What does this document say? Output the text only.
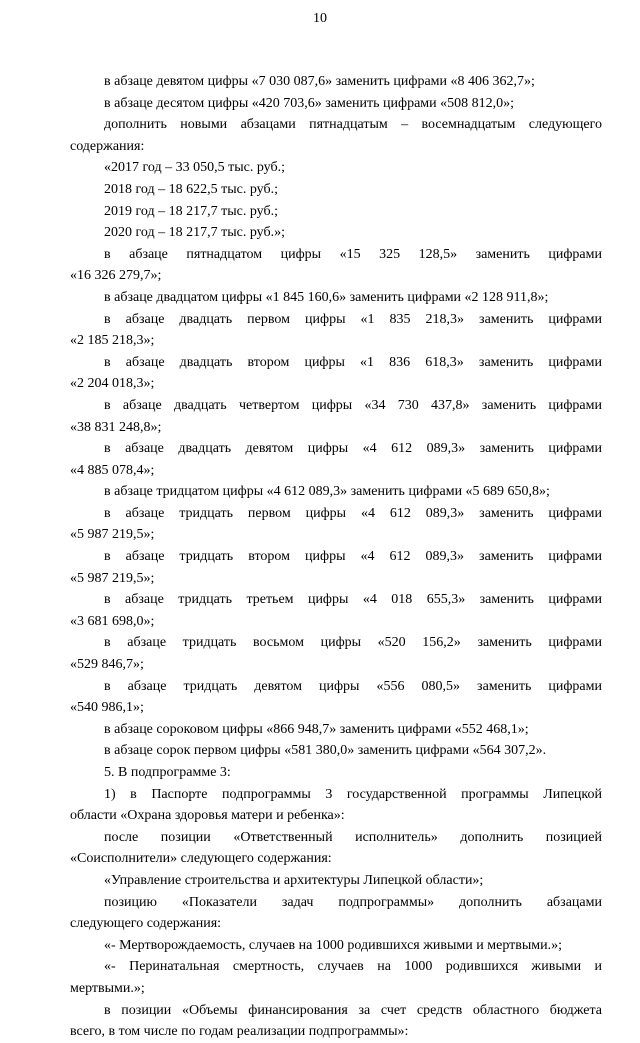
10
в абзаце девятом цифры «7 030 087,6» заменить цифрами «8 406 362,7»;
в абзаце десятом цифры «420 703,6» заменить цифрами «508 812,0»;
дополнить новыми абзацами пятнадцатым – восемнадцатым следующего
содержания:
«2017 год – 33 050,5 тыс. руб.;
2018 год – 18 622,5 тыс. руб.;
2019 год – 18 217,7 тыс. руб.;
2020 год – 18 217,7 тыс. руб.»;
в абзаце пятнадцатом цифры «15 325 128,5» заменить цифрами
«16 326 279,7»;
в абзаце двадцатом цифры «1 845 160,6» заменить цифрами «2 128 911,8»;
в абзаце двадцать первом цифры «1 835 218,3» заменить цифрами
«2 185 218,3»;
в абзаце двадцать втором цифры «1 836 618,3» заменить цифрами
«2 204 018,3»;
в абзаце двадцать четвертом цифры «34 730 437,8» заменить цифрами
«38 831 248,8»;
в абзаце двадцать девятом цифры «4 612 089,3» заменить цифрами
«4 885 078,4»;
в абзаце тридцатом цифры «4 612 089,3» заменить цифрами «5 689 650,8»;
в абзаце тридцать первом цифры «4 612 089,3» заменить цифрами
«5 987 219,5»;
в абзаце тридцать втором цифры «4 612 089,3» заменить цифрами
«5 987 219,5»;
в абзаце тридцать третьем цифры «4 018 655,3» заменить цифрами
«3 681 698,0»;
в абзаце тридцать восьмом цифры «520 156,2» заменить цифрами
«529 846,7»;
в абзаце тридцать девятом цифры «556 080,5» заменить цифрами
«540 986,1»;
в абзаце сороковом цифры «866 948,7» заменить цифрами «552 468,1»;
в абзаце сорок первом цифры «581 380,0» заменить цифрами «564 307,2».
5. В подпрограмме 3:
1) в Паспорте подпрограммы 3 государственной программы Липецкой
области «Охрана здоровья матери и ребенка»:
после позиции «Ответственный исполнитель» дополнить позицией
«Соисполнители» следующего содержания:
«Управление строительства и архитектуры Липецкой области»;
позицию «Показатели задач подпрограммы» дополнить абзацами
следующего содержания:
«- Мертворождаемость, случаев на 1000 родившихся живыми и мертвыми.»;
«- Перинатальная смертность, случаев на 1000 родившихся живыми и
мертвыми.»;
в позиции «Объемы финансирования за счет средств областного бюджета
всего, в том числе по годам реализации подпрограммы»:
